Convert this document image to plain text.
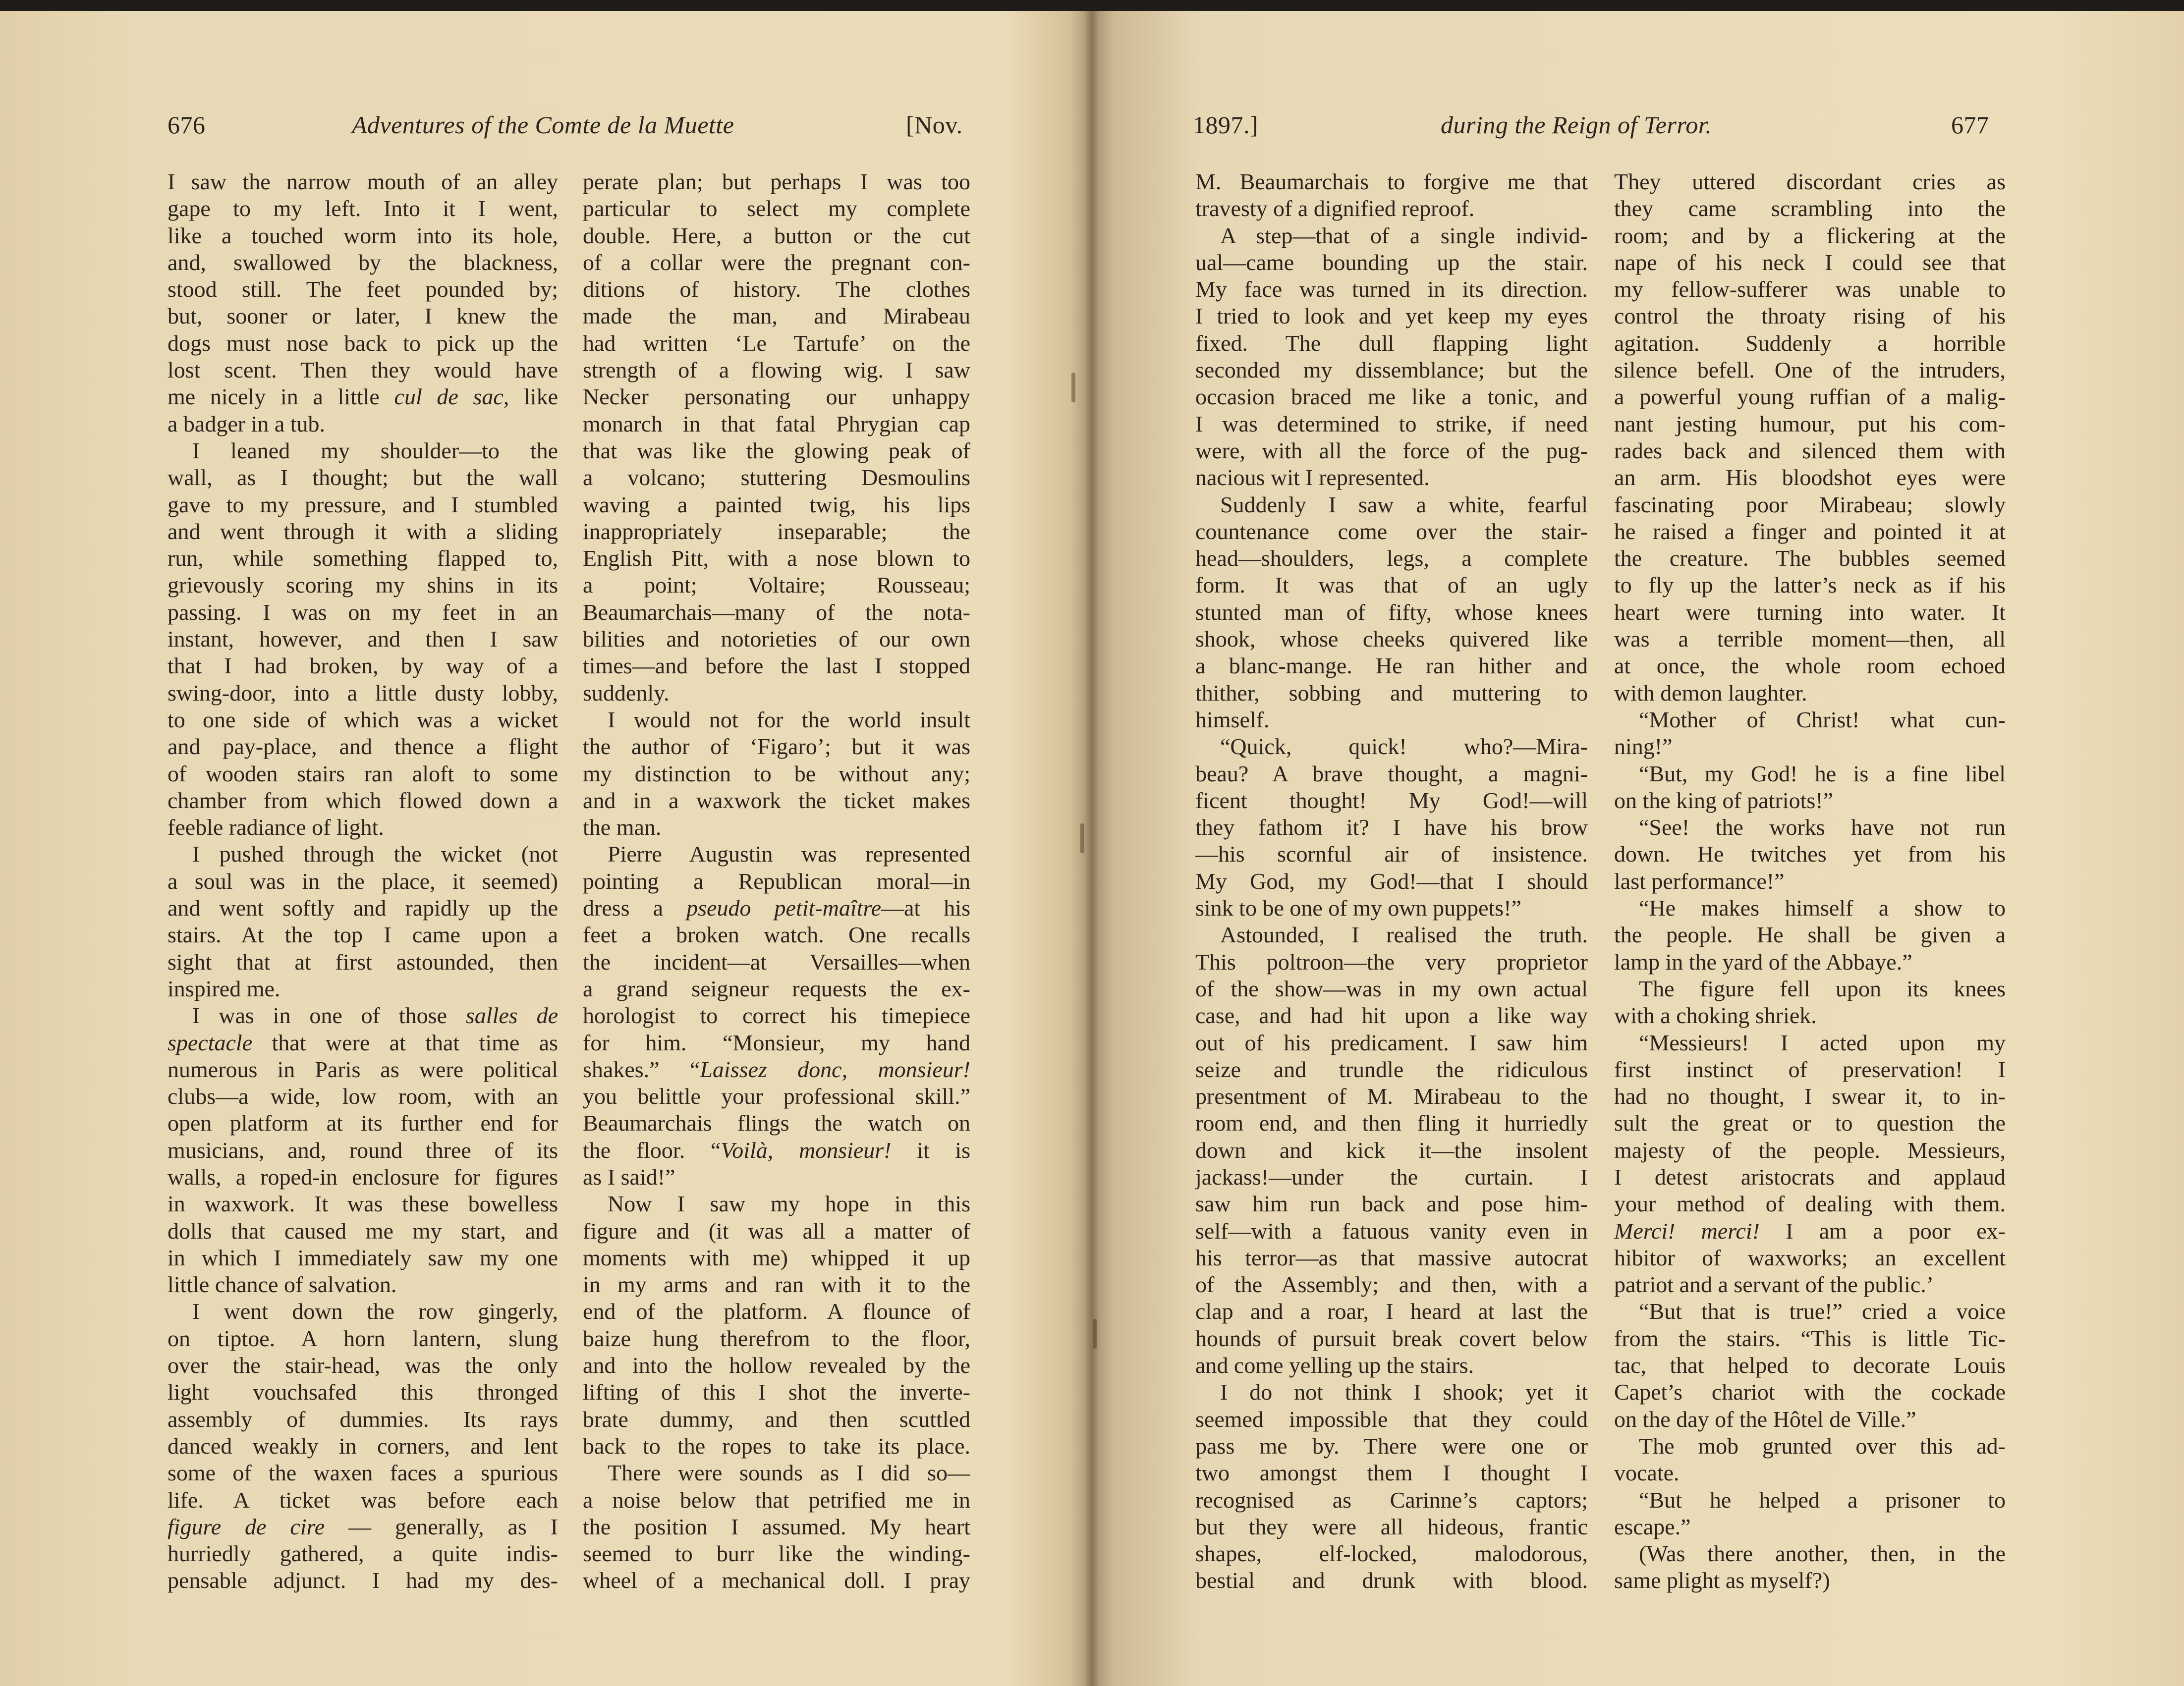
676	Adventures of the Comte de la Muette	[Nov.
I saw the narrow mouth of an alley
gape to my left. Into it I went,
like a touched worm into its hole,
and, swallowed by the blackness,
stood still. The feet pounded by;
but, sooner or later, I knew the
dogs must nose back to pick up the
lost scent. Then they would have
me nicely in a little cul de sac, like
a badger in a tub.
I leaned my shoulder—to the
wall, as I thought; but the wall
gave to my pressure, and I stumbled
and went through it with a sliding
run, while something flapped to,
grievously scoring my shins in its
passing. I was on my feet in an
instant, however, and then I saw
that I had broken, by way of a
swing-door, into a little dusty lobby,
to one side of which was a wicket
and pay-place, and thence a flight
of wooden stairs ran aloft to some
chamber from which flowed down a
feeble radiance of light.
I pushed through the wicket (not
a soul was in the place, it seemed)
and went softly and rapidly up the
stairs. At the top I came upon a
sight that at first astounded, then
inspired me.
I was in one of those salles de
spectacle that were at that time as
numerous in Paris as were political
clubs—a wide, low room, with an
open platform at its further end for
musicians, and, round three of its
walls, a roped-in enclosure for figures
in waxwork. It was these bowelless
dolls that caused me my start, and
in which I immediately saw my one
little chance of salvation.
I went down the row gingerly,
on tiptoe. A horn lantern, slung
over the stair-head, was the only
light vouchsafed this thronged
assembly of dummies. Its rays
danced weakly in corners, and lent
some of the waxen faces a spurious
life. A ticket was before each
figure de cire — generally, as I
hurriedly gathered, a quite indis-
pensable adjunct. I had my des-
perate plan; but perhaps I was too
particular to select my complete
double. Here, a button or the cut
of a collar were the pregnant con-
ditions of history. The clothes
made the man, and Mirabeau
had written ‘Le Tartufe’ on the
strength of a flowing wig. I saw
Necker personating our unhappy
monarch in that fatal Phrygian cap
that was like the glowing peak of
a volcano; stuttering Desmoulins
waving a painted twig, his lips
inappropriately inseparable; the
English Pitt, with a nose blown to
a point; Voltaire; Rousseau;
Beaumarchais—many of the nota-
bilities and notorieties of our own
times—and before the last I stopped
suddenly.
I would not for the world insult
the author of ‘Figaro’; but it was
my distinction to be without any;
and in a waxwork the ticket makes
the man.
Pierre Augustin was represented
pointing a Republican moral—in
dress a pseudo petit-maître—at his
feet a broken watch. One recalls
the incident—at Versailles—when
a grand seigneur requests the ex-
horologist to correct his timepiece
for him. “Monsieur, my hand
shakes.” “Laissez donc, monsieur!
you belittle your professional skill.”
Beaumarchais flings the watch on
the floor. “Voilà, monsieur! it is
as I said!”
Now I saw my hope in this
figure and (it was all a matter of
moments with me) whipped it up
in my arms and ran with it to the
end of the platform. A flounce of
baize hung therefrom to the floor,
and into the hollow revealed by the
lifting of this I shot the inverte-
brate dummy, and then scuttled
back to the ropes to take its place.
There were sounds as I did so—
a noise below that petrified me in
the position I assumed. My heart
seemed to burr like the winding-
wheel of a mechanical doll. I pray
1897.]	during the Reign of Terror.	677
M. Beaumarchais to forgive me that
travesty of a dignified reproof.
A step—that of a single individ-
ual—came bounding up the stair.
My face was turned in its direction.
I tried to look and yet keep my eyes
fixed. The dull flapping light
seconded my dissemblance; but the
occasion braced me like a tonic, and
I was determined to strike, if need
were, with all the force of the pug-
nacious wit I represented.
Suddenly I saw a white, fearful
countenance come over the stair-
head—shoulders, legs, a complete
form. It was that of an ugly
stunted man of fifty, whose knees
shook, whose cheeks quivered like
a blanc-mange. He ran hither and
thither, sobbing and muttering to
himself.
“Quick, quick! who?—Mira-
beau? A brave thought, a magni-
ficent thought! My God!—will
they fathom it? I have his brow
—his scornful air of insistence.
My God, my God!—that I should
sink to be one of my own puppets!”
Astounded, I realised the truth.
This poltroon—the very proprietor
of the show—was in my own actual
case, and had hit upon a like way
out of his predicament. I saw him
seize and trundle the ridiculous
presentment of M. Mirabeau to the
room end, and then fling it hurriedly
down and kick it—the insolent
jackass!—under the curtain. I
saw him run back and pose him-
self—with a fatuous vanity even in
his terror—as that massive autocrat
of the Assembly; and then, with a
clap and a roar, I heard at last the
hounds of pursuit break covert below
and come yelling up the stairs.
I do not think I shook; yet it
seemed impossible that they could
pass me by. There were one or
two amongst them I thought I
recognised as Carinne’s captors;
but they were all hideous, frantic
shapes, elf-locked, malodorous,
bestial and drunk with blood.
They uttered discordant cries as
they came scrambling into the
room; and by a flickering at the
nape of his neck I could see that
my fellow-sufferer was unable to
control the throaty rising of his
agitation. Suddenly a horrible
silence befell. One of the intruders,
a powerful young ruffian of a malig-
nant jesting humour, put his com-
rades back and silenced them with
an arm. His bloodshot eyes were
fascinating poor Mirabeau; slowly
he raised a finger and pointed it at
the creature. The bubbles seemed
to fly up the latter’s neck as if his
heart were turning into water. It
was a terrible moment—then, all
at once, the whole room echoed
with demon laughter.
“Mother of Christ! what cun-
ning!”
“But, my God! he is a fine libel
on the king of patriots!”
“See! the works have not run
down. He twitches yet from his
last performance!”
“He makes himself a show to
the people. He shall be given a
lamp in the yard of the Abbaye.”
The figure fell upon its knees
with a choking shriek.
“Messieurs! I acted upon my
first instinct of preservation! I
had no thought, I swear it, to in-
sult the great or to question the
majesty of the people. Messieurs,
I detest aristocrats and applaud
your method of dealing with them.
Merci! merci! I am a poor ex-
hibitor of waxworks; an excellent
patriot and a servant of the public.’
“But that is true!” cried a voice
from the stairs. “This is little Tic-
tac, that helped to decorate Louis
Capet’s chariot with the cockade
on the day of the Hôtel de Ville.”
The mob grunted over this ad-
vocate.
“But he helped a prisoner to
escape.”
(Was there another, then, in the
same plight as myself?)
